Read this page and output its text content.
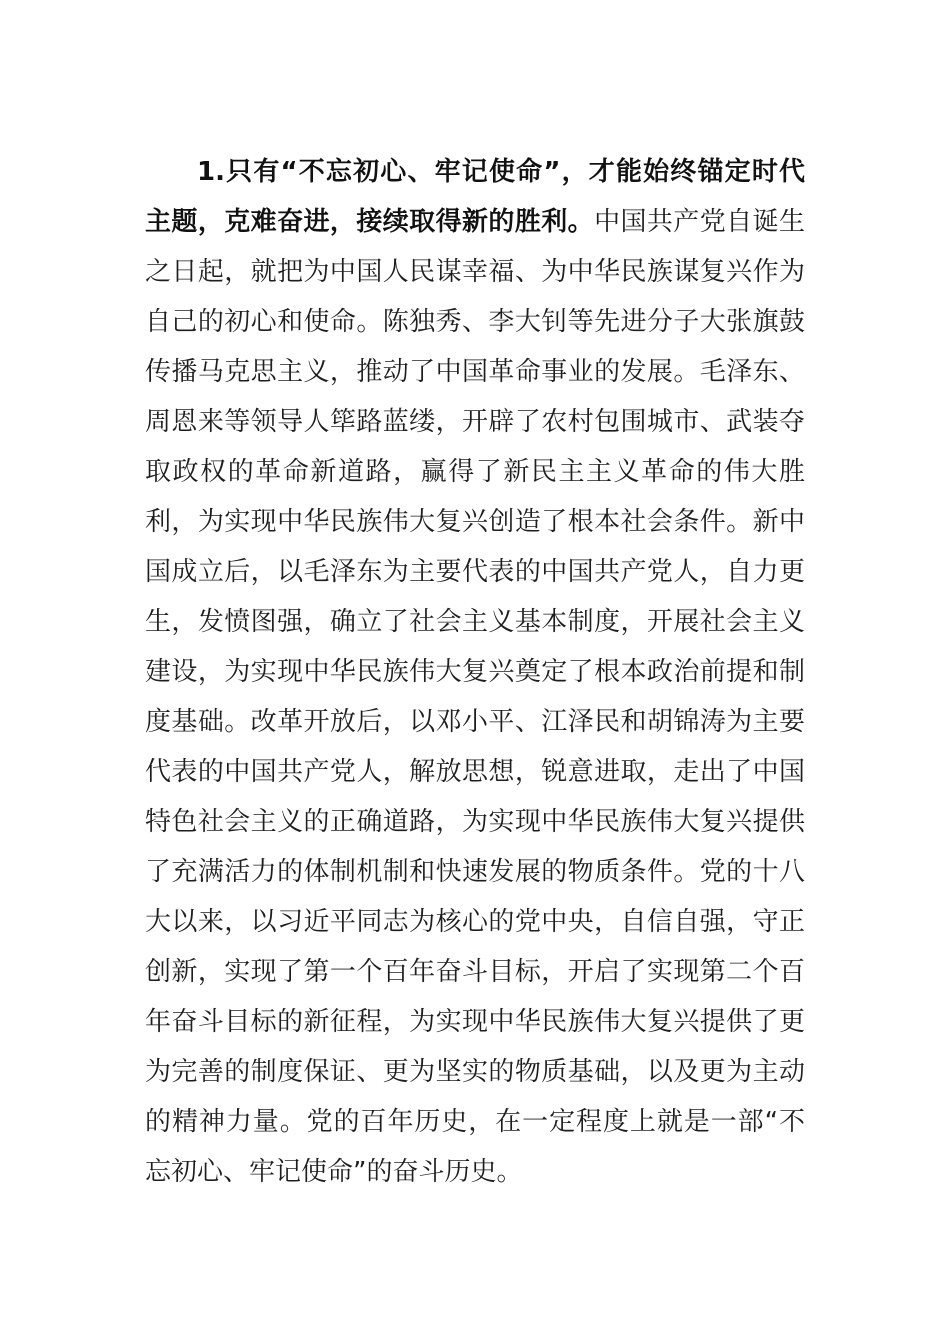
1.只有“不忘初心、牢记使命”，才能始终锚定时代主题，克难奋进，接续取得新的胜利。中国共产党自诞生之日起，就把为中国人民谋幸福、为中华民族谋复兴作为自己的初心和使命。陈独秀、李大钊等先进分子大张旗鼓传播马克思主义，推动了中国革命事业的发展。毛泽东、周恩来等领导人筚路蓝缕，开辟了农村包围城市、武装夺取政权的革命新道路，赢得了新民主主义革命的伟大胜利，为实现中华民族伟大复兴创造了根本社会条件。新中国成立后，以毛泽东为主要代表的中国共产党人，自力更生，发愤图强，确立了社会主义基本制度，开展社会主义建设，为实现中华民族伟大复兴奠定了根本政治前提和制度基础。改革开放后，以邓小平、江泽民和胡锦涛为主要代表的中国共产党人，解放思想，锐意进取，走出了中国特色社会主义的正确道路，为实现中华民族伟大复兴提供了充满活力的体制机制和快速发展的物质条件。党的十八大以来，以习近平同志为核心的党中央，自信自强，守正创新，实现了第一个百年奋斗目标，开启了实现第二个百年奋斗目标的新征程，为实现中华民族伟大复兴提供了更为完善的制度保证、更为坚实的物质基础，以及更为主动的精神力量。党的百年历史，在一定程度上就是一部“不忘初心、牢记使命”的奋斗历史。
